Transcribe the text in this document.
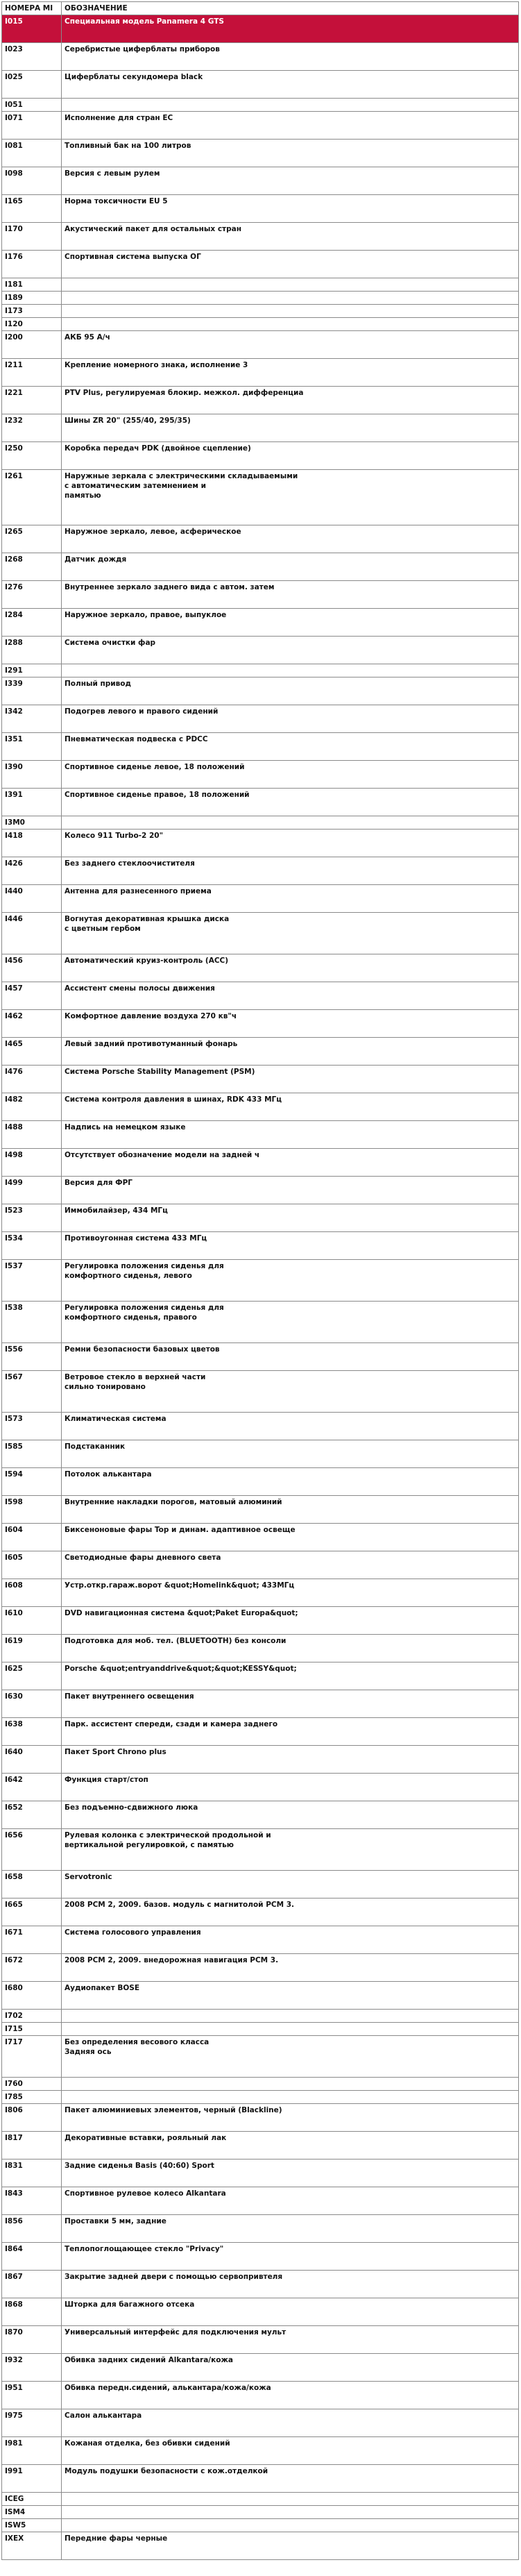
НОМЕРА MI	ОБОЗНАЧЕНИЕ
I015	Специальная модель Panamera 4 GTS
I023	Серебристые циферблаты приборов
I025	Циферблаты секундомера black
I051	
I071	Исполнение для стран ЕС
I081	Топливный бак на 100 литров
I098	Версия с левым рулем
I165	Норма токсичности EU 5
I170	Акустический пакет для остальных стран
I176	Спортивная система выпуска ОГ
I181	
I189	
I173	
I120	
I200	АКБ 95 А/ч
I211	Крепление номерного знака, исполнение 3
I221	PTV Plus, регулируемая блокир. межкол. дифференциа
I232	Шины ZR 20" (255/40, 295/35)
I250	Коробка передач PDK (двойное сцепление)
I261	Наружные зеркала с электрическими складываемыми
с автоматическим затемнением и
памятью
I265	Наружное зеркало, левое, асферическое
I268	Датчик дождя
I276	Внутреннее зеркало заднего вида с автом. затем
I284	Наружное зеркало, правое, выпуклое
I288	Система очистки фар
I291	
I339	Полный привод
I342	Подогрев левого и правого сидений
I351	Пневматическая подвеска с PDCC
I390	Спортивное сиденье левое, 18 положений
I391	Спортивное сиденье правое, 18 положений
I3M0	
I418	Колесо 911 Turbo-2 20"
I426	Без заднего стеклоочистителя
I440	Антенна для разнесенного приема
I446	Вогнутая декоративная крышка диска
с цветным гербом
I456	Автоматический круиз-контроль (ACC)
I457	Ассистент смены полосы движения
I462	Комфортное давление воздуха 270 кв"ч
I465	Левый задний противотуманный фонарь
I476	Система Porsche Stability Management (PSM)
I482	Система контроля давления в шинах, RDK 433 МГц
I488	Надпись на немецком языке
I498	Отсутствует обозначение модели на задней ч
I499	Версия для ФРГ
I523	Иммобилайзер, 434 МГц
I534	Противоугонная система 433 МГц
I537	Регулировка положения сиденья для
комфортного сиденья, левого
I538	Регулировка положения сиденья для
комфортного сиденья, правого
I556	Ремни безопасности базовых цветов
I567	Ветровое стекло в верхней части
сильно тонировано
I573	Климатическая система
I585	Подстаканник
I594	Потолок алькантара
I598	Внутренние накладки порогов, матовый алюминий
I604	Биксеноновые фары Top и динам. адаптивное освеще
I605	Светодиодные фары дневного света
I608	Устр.откр.гараж.ворот &quot;Homelink&quot; 433МГц
I610	DVD навигационная система &quot;Paket Europa&quot;
I619	Подготовка для моб. тел. (BLUETOOTH) без консоли
I625	Porsche &quot;entryanddrive&quot;&quot;KESSY&quot;
I630	Пакет внутреннего освещения
I638	Парк. ассистент спереди, сзади и камера заднего
I640	Пакет Sport Chrono plus
I642	Функция старт/стоп
I652	Без подъемно-сдвижного люка
I656	Рулевая колонка с электрической продольной и
вертикальной регулировкой, с памятью
I658	Servotronic
I665	2008 PCM 2, 2009. базов. модуль с магнитолой PCM 3.
I671	Система голосового управления
I672	2008 PCM 2, 2009. внедорожная навигация PCM 3.
I680	Аудиопакет BOSE
I702	
I715	
I717	Без определения весового класса
Задняя ось
I760	
I785	
I806	Пакет алюминиевых элементов, черный (Blackline)
I817	Декоративные вставки, рояльный лак
I831	Задние сиденья Basis (40:60) Sport
I843	Спортивное рулевое колесо Alkantara
I856	Проставки 5 мм, задние
I864	Теплопоглощающее стекло "Privacy"
I867	Закрытие задней двери с помощью сервопривтеля
I868	Шторка для багажного отсека
I870	Универсальный интерфейс для подключения мульт
I932	Обивка задних сидений Alkantara/кожа
I951	Обивка передн.сидений, алькантара/кожа/кожа
I975	Салон алькантара
I981	Кожаная отделка, без обивки сидений
I991	Модуль подушки безопасности с кож.отделкой
ICEG	
ISM4	
ISW5	
IXEX	Передние фары черные
